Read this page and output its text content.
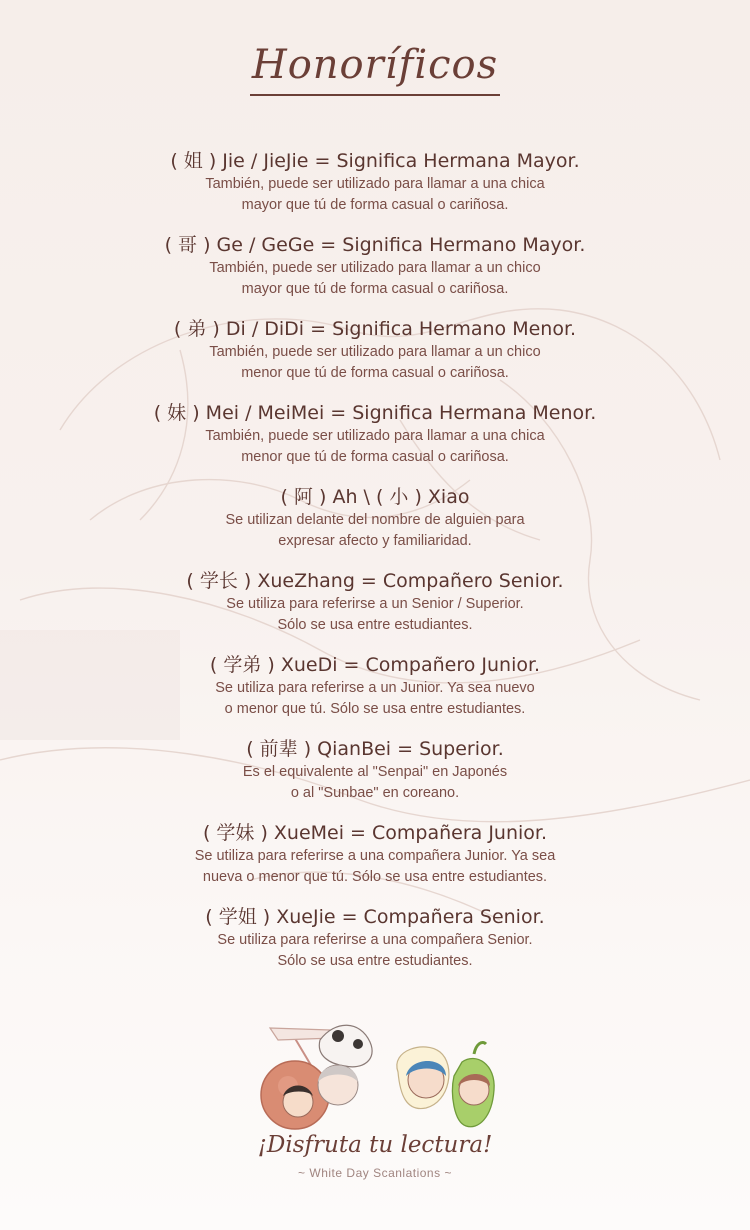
Honoríficos
( 姐 ) Jie / JieJie = Significa Hermana Mayor.
También, puede ser utilizado para llamar a una chica
mayor que tú de forma casual o cariñosa.
( 哥 ) Ge / GeGe = Significa Hermano Mayor.
También, puede ser utilizado para llamar a un chico
mayor que tú de forma casual o cariñosa.
( 弟 ) Di / DiDi = Significa Hermano Menor.
También, puede ser utilizado para llamar a un chico
menor que tú de forma casual o cariñosa.
( 妹 ) Mei / MeiMei = Significa Hermana Menor.
También, puede ser utilizado para llamar a una chica
menor que tú de forma casual o cariñosa.
( 阿 ) Ah \ ( 小 ) Xiao
Se utilizan delante del nombre de alguien para
expresar afecto y familiaridad.
( 学长 ) XueZhang = Compañero Senior.
Se utiliza para referirse a un Senior / Superior.
Sólo se usa entre estudiantes.
( 学弟 ) XueDi = Compañero Junior.
Se utiliza para referirse a un Junior. Ya sea nuevo
o menor que tú. Sólo se usa entre estudiantes.
( 前辈 ) QianBei = Superior.
Es el equivalente al "Senpai" en Japonés
o al "Sunbae" en coreano.
( 学妹 ) XueMei = Compañera Junior.
Se utiliza para referirse a una compañera Junior. Ya sea
nueva o menor que tú. Sólo se usa entre estudiantes.
( 学姐 ) XueJie = Compañera Senior.
Se utiliza para referirse a una compañera Senior.
Sólo se usa entre estudiantes.
¡Disfruta tu lectura!
~ White Day Scanlations ~
